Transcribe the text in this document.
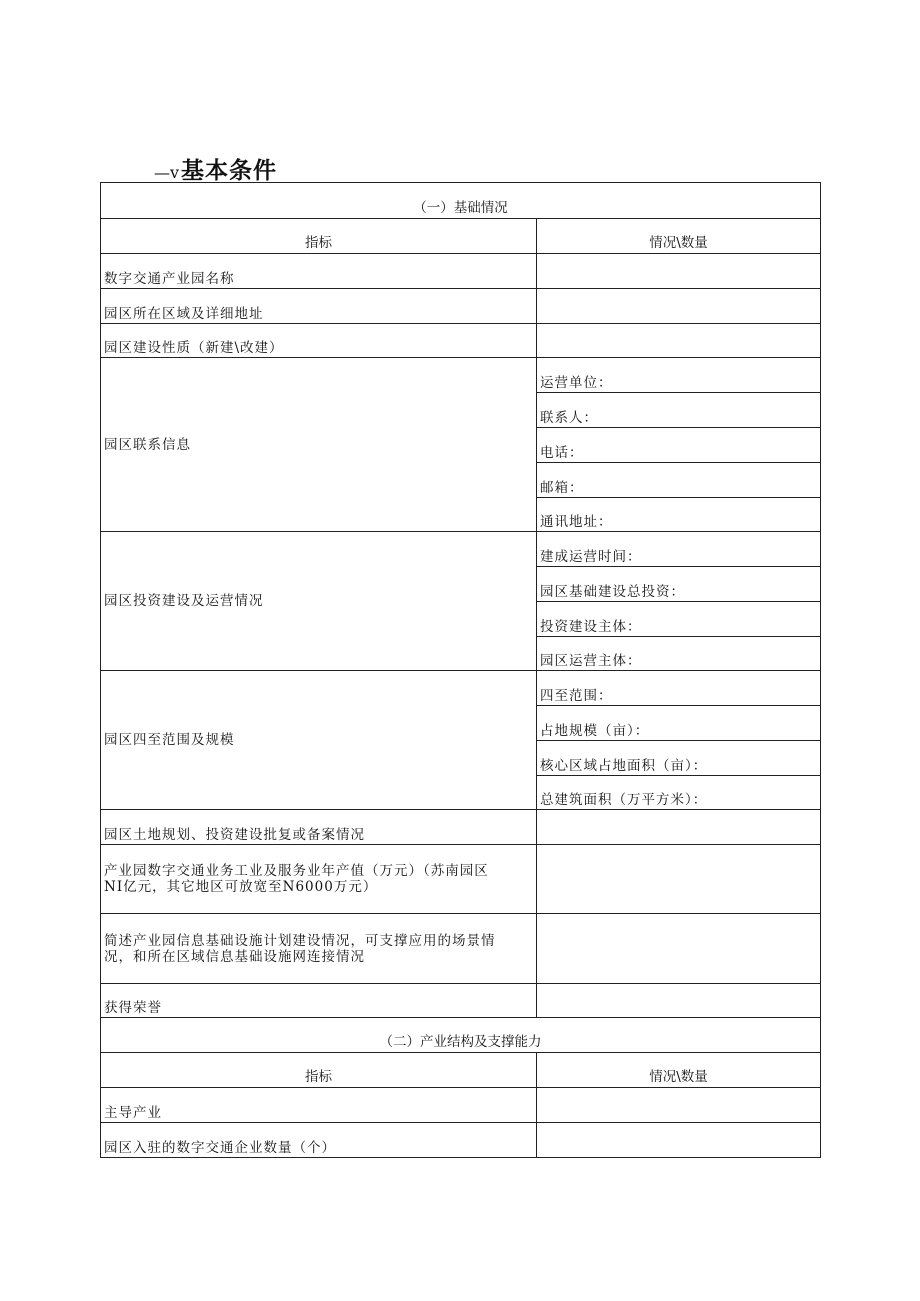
—v 基本条件
（一）基础情况	
指标	情况\数量
数字交通产业园名称	
园区所在区域及详细地址	
园区建设性质（新建\改建）	
园区联系信息	运营单位：
	联系人：
	电话：
	邮箱：
	通讯地址：
园区投资建设及运营情况	建成运营时间：
	园区基础建设总投资：
	投资建设主体：
	园区运营主体：
园区四至范围及规模	四至范围：
	占地规模（亩）：
	核心区域占地面积（亩）：
	总建筑面积（万平方米）：
园区土地规划、投资建设批复或备案情况	

产业园数字交通业务工业及服务业年产值（万元）（苏南园区
NI亿元，其它地区可放宽至N6000万元）	

简述产业园信息基础设施计划建设情况，可支撑应用的场景情
况，和所在区域信息基础设施网连接情况	

获得荣誉	
（二）产业结构及支撑能力	
指标	情况\数量
主导产业	
园区入驻的数字交通企业数量（个）	
